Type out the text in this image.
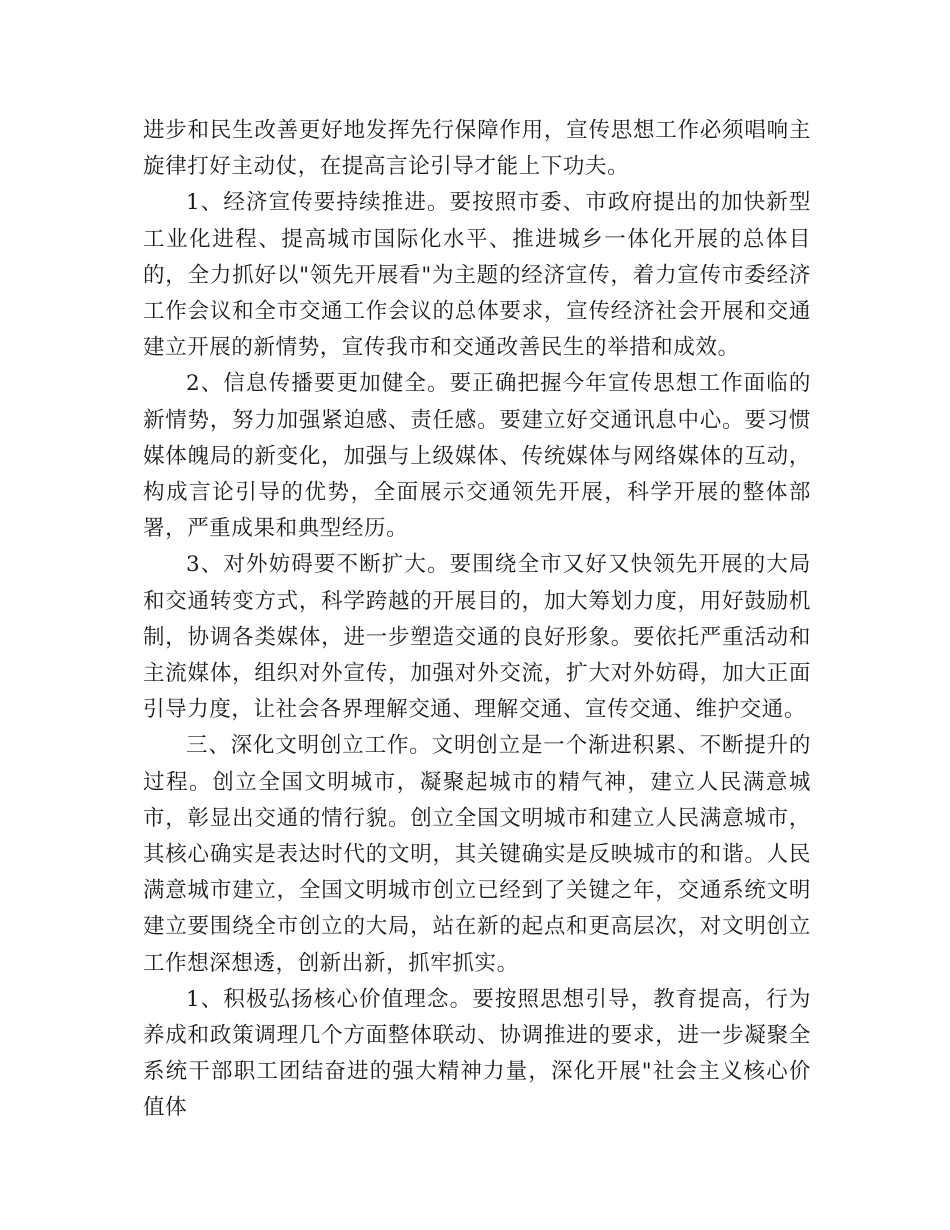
进步和民生改善更好地发挥先行保障作用，宣传思想工作必须唱响主旋律打好主动仗，在提高言论引导才能上下功夫。

1、经济宣传要持续推进。要按照市委、市政府提出的加快新型工业化进程、提高城市国际化水平、推进城乡一体化开展的总体目的，全力抓好以"领先开展看"为主题的经济宣传，着力宣传市委经济工作会议和全市交通工作会议的总体要求，宣传经济社会开展和交通建立开展的新情势，宣传我市和交通改善民生的举措和成效。

2、信息传播要更加健全。要正确把握今年宣传思想工作面临的新情势，努力加强紧迫感、责任感。要建立好交通讯息中心。要习惯媒体魄局的新变化，加强与上级媒体、传统媒体与网络媒体的互动，构成言论引导的优势，全面展示交通领先开展，科学开展的整体部署，严重成果和典型经历。

3、对外妨碍要不断扩大。要围绕全市又好又快领先开展的大局和交通转变方式，科学跨越的开展目的，加大筹划力度，用好鼓励机制，协调各类媒体，进一步塑造交通的良好形象。要依托严重活动和主流媒体，组织对外宣传，加强对外交流，扩大对外妨碍，加大正面引导力度，让社会各界理解交通、理解交通、宣传交通、维护交通。

三、深化文明创立工作。文明创立是一个渐进积累、不断提升的过程。创立全国文明城市，凝聚起城市的精气神，建立人民满意城市，彰显出交通的情行貌。创立全国文明城市和建立人民满意城市，其核心确实是表达时代的文明，其关键确实是反映城市的和谐。人民满意城市建立，全国文明城市创立已经到了关键之年，交通系统文明建立要围绕全市创立的大局，站在新的起点和更高层次，对文明创立工作想深想透，创新出新，抓牢抓实。

1、积极弘扬核心价值理念。要按照思想引导，教育提高，行为养成和政策调理几个方面整体联动、协调推进的要求，进一步凝聚全系统干部职工团结奋进的强大精神力量，深化开展"社会主义核心价值体
